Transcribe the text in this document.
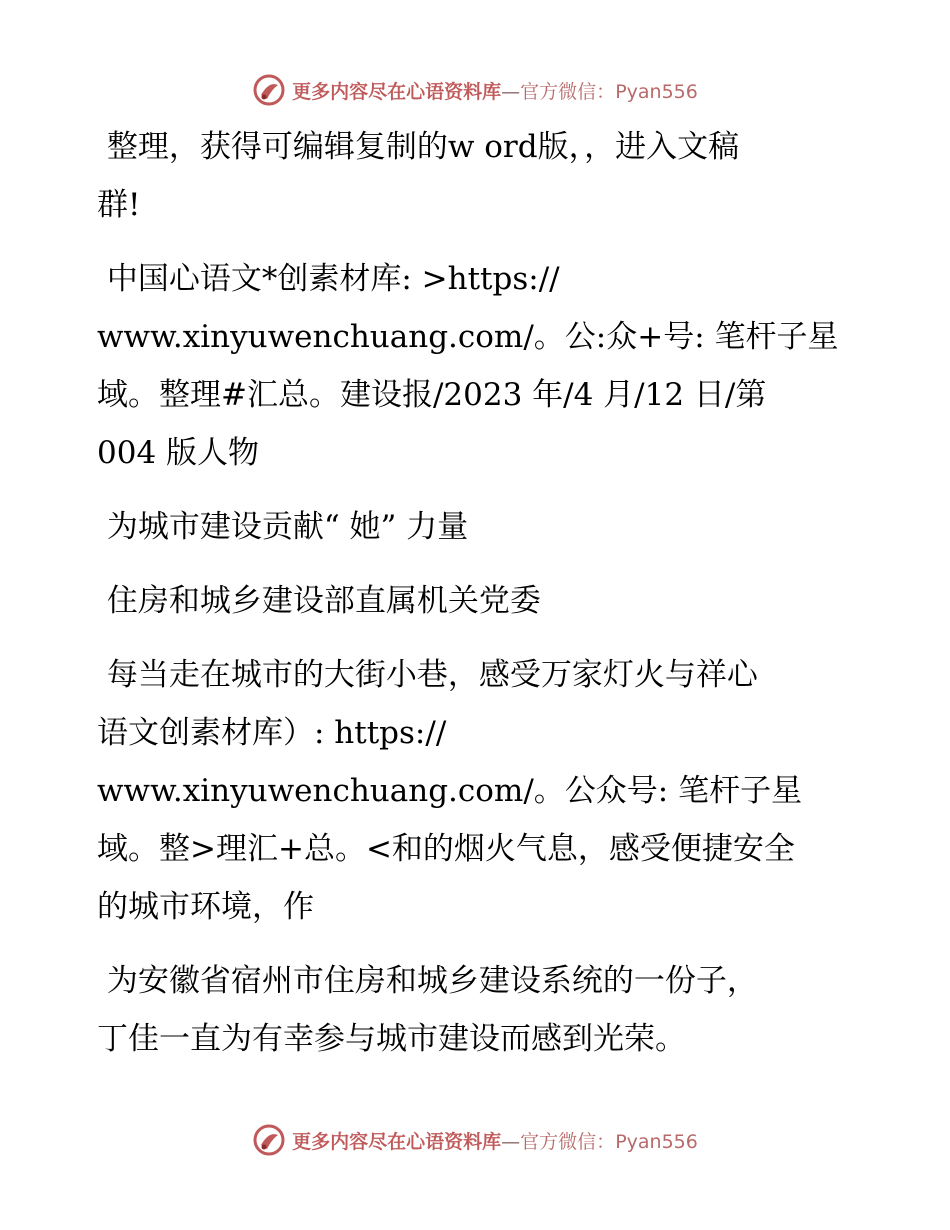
更多内容尽在心语资料库—官方微信：Pyan556
整理，获得可编辑复制的w ord版，，进入文稿
群!
中国心语文*创素材库: >https://
www.xinyuwenchuang.com/。公:众+号: 笔杆子星
域。整理#汇总。建设报/2023 年/4 月/12 日/第
004 版人物
为城市建设贡献“ 她” 力量
住房和城乡建设部直属机关党委
每当走在城市的大街小巷，感受万家灯火与祥心
语文创素材库）: https://
www.xinyuwenchuang.com/。公众号: 笔杆子星
域。整>理汇+总。<和的烟火气息，感受便捷安全
的城市环境，作
为安徽省宿州市住房和城乡建设系统的一份子，
丁佳一直为有幸参与城市建设而感到光荣。
更多内容尽在心语资料库—官方微信：Pyan556
